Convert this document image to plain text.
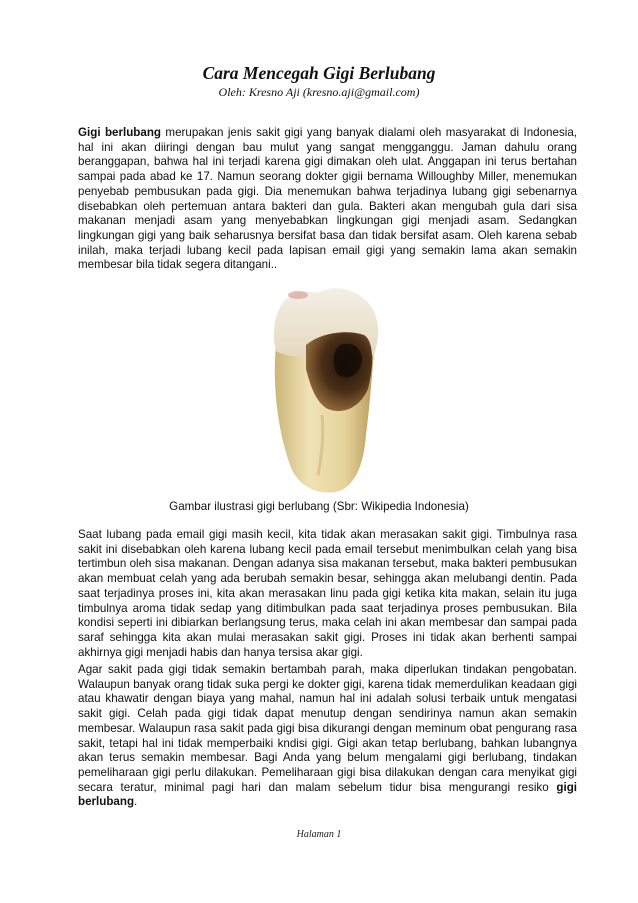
Cara Mencegah Gigi Berlubang
Oleh: Kresno Aji (kresno.aji@gmail.com)

Gigi berlubang merupakan jenis sakit gigi yang banyak dialami oleh masyarakat di Indonesia, hal ini akan diiringi dengan bau mulut yang sangat mengganggu. Jaman dahulu orang beranggapan, bahwa hal ini terjadi karena gigi dimakan oleh ulat. Anggapan ini terus bertahan sampai pada abad ke 17. Namun seorang dokter gigii bernama Willoughby Miller, menemukan penyebab pembusukan pada gigi. Dia menemukan bahwa terjadinya lubang gigi sebenarnya disebabkan oleh pertemuan antara bakteri dan gula. Bakteri akan mengubah gula dari sisa makanan menjadi asam yang menyebabkan lingkungan gigi menjadi asam. Sedangkan lingkungan gigi yang baik seharusnya bersifat basa dan tidak bersifat asam. Oleh karena sebab inilah, maka terjadi lubang kecil pada lapisan email gigi yang semakin lama akan semakin membesar bila tidak segera ditangani..

Gambar ilustrasi gigi berlubang (Sbr: Wikipedia Indonesia)

Saat lubang pada email gigi masih kecil, kita tidak akan merasakan sakit gigi. Timbulnya rasa sakit ini disebabkan oleh karena lubang kecil pada email tersebut menimbulkan celah yang bisa tertimbun oleh sisa makanan. Dengan adanya sisa makanan tersebut, maka bakteri pembusukan akan membuat celah yang ada berubah semakin besar, sehingga akan melubangi dentin. Pada saat terjadinya proses ini, kita akan merasakan linu pada gigi ketika kita makan, selain itu juga timbulnya aroma tidak sedap yang ditimbulkan pada saat terjadinya proses pembusukan. Bila kondisi seperti ini dibiarkan berlangsung terus, maka celah ini akan membesar dan sampai pada saraf sehingga kita akan mulai merasakan sakit gigi. Proses ini tidak akan berhenti sampai akhirnya gigi menjadi habis dan hanya tersisa akar gigi.

Agar sakit pada gigi tidak semakin bertambah parah, maka diperlukan tindakan pengobatan. Walaupun banyak orang tidak suka pergi ke dokter gigi, karena tidak memerdulikan keadaan gigi atau khawatir dengan biaya yang mahal, namun hal ini adalah solusi terbaik untuk mengatasi sakit gigi. Celah pada gigi tidak dapat menutup dengan sendirinya namun akan semakin membesar. Walaupun rasa sakit pada gigi bisa dikurangi dengan meminum obat pengurang rasa sakit, tetapi hal ini tidak memperbaiki kndisi gigi. Gigi akan tetap berlubang, bahkan lubangnya akan terus semakin membesar. Bagi Anda yang belum mengalami gigi berlubang, tindakan pemeliharaan gigi perlu dilakukan. Pemeliharaan gigi bisa dilakukan dengan cara menyikat gigi secara teratur, minimal pagi hari dan malam sebelum tidur bisa mengurangi resiko gigi berlubang.

Halaman 1
